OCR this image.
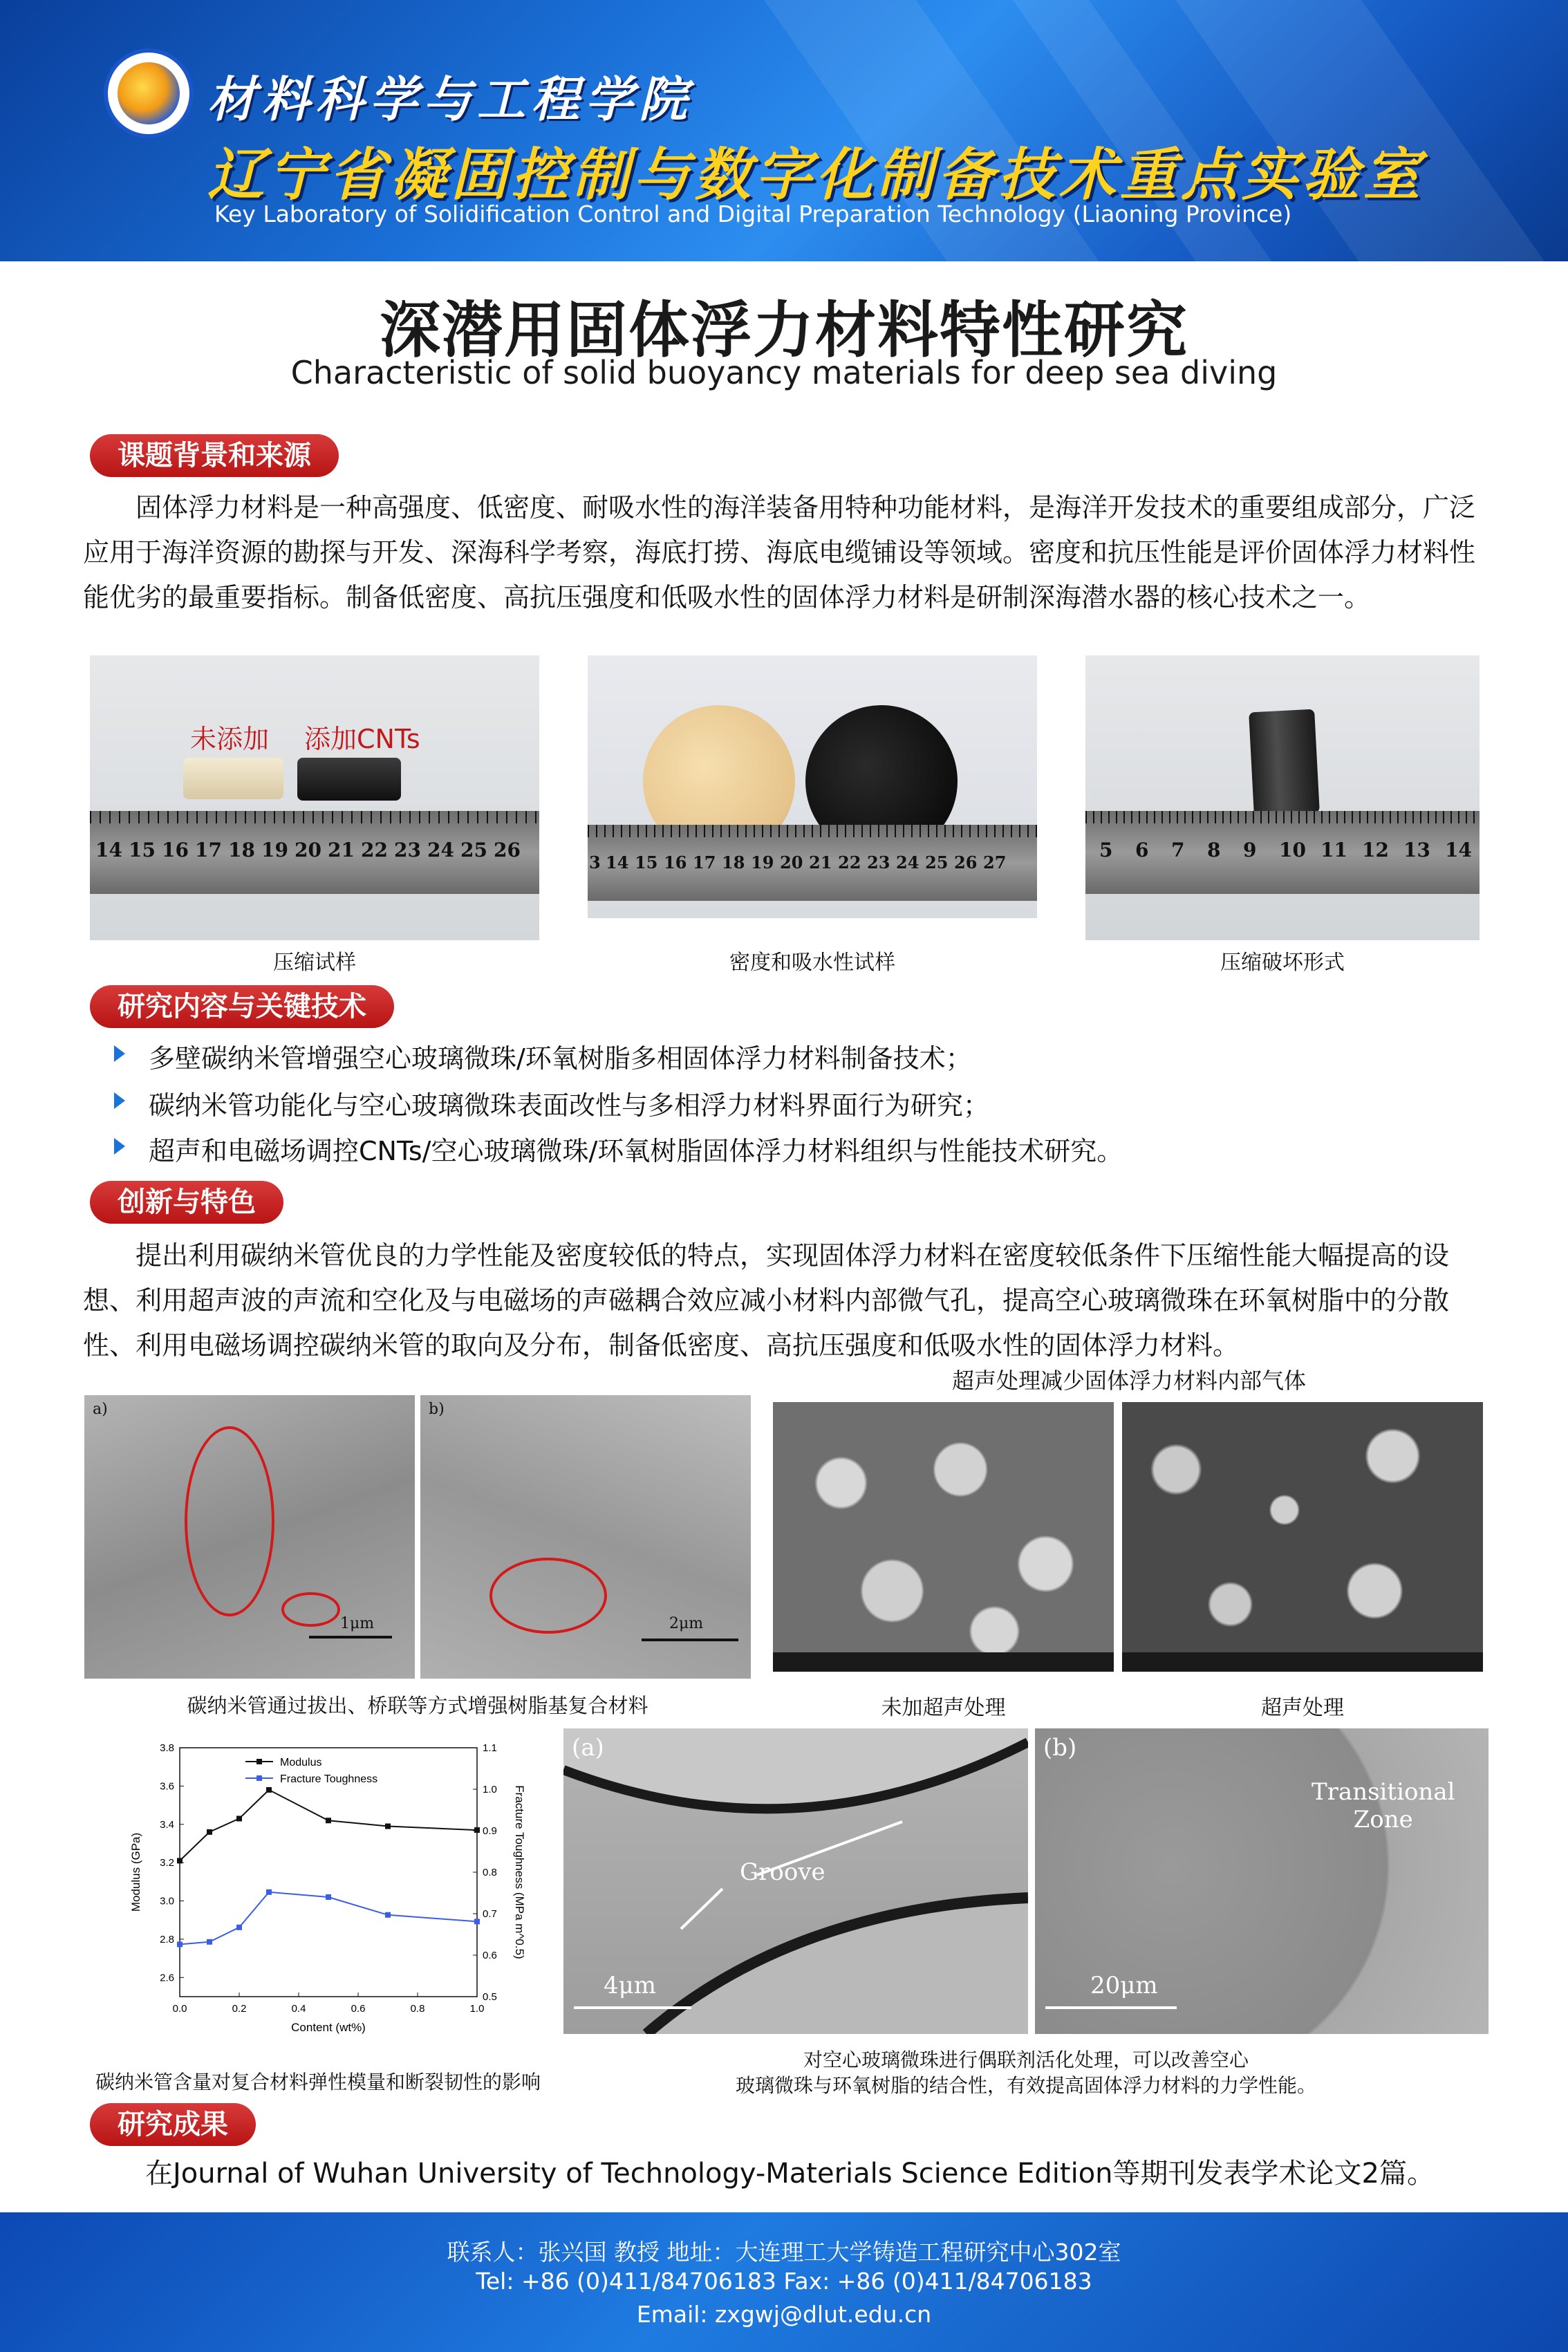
材料科学与工程学院
辽宁省凝固控制与数字化制备技术重点实验室
Key Laboratory of Solidification Control and Digital Preparation Technology (Liaoning Province)
深潜用固体浮力材料特性研究
Characteristic of solid buoyancy materials for deep sea diving
课题背景和来源
固体浮力材料是一种高强度、低密度、耐吸水性的海洋装备用特种功能材料，是海洋开发技术的重要组成部分，广泛应用于海洋资源的勘探与开发、深海科学考察，海底打捞、海底电缆铺设等领域。密度和抗压性能是评价固体浮力材料性能优劣的最重要指标。制备低密度、高抗压强度和低吸水性的固体浮力材料是研制深海潜水器的核心技术之一。
未添加 添加CNTs
14 15 16 17 18 19 20 21 22 23 24 25 26
压缩试样
3 14 15 16 17 18 19 20 21 22 23 24 25 26 27
密度和吸水性试样
5 6 7 8 9 10 11 12 13 14
压缩破坏形式
研究内容与关键技术
多壁碳纳米管增强空心玻璃微珠/环氧树脂多相固体浮力材料制备技术；
碳纳米管功能化与空心玻璃微珠表面改性与多相浮力材料界面行为研究；
超声和电磁场调控CNTs/空心玻璃微珠/环氧树脂固体浮力材料组织与性能技术研究。
创新与特色
提出利用碳纳米管优良的力学性能及密度较低的特点，实现固体浮力材料在密度较低条件下压缩性能大幅提高的设想、利用超声波的声流和空化及与电磁场的声磁耦合效应减小材料内部微气孔，提高空心玻璃微珠在环氧树脂中的分散性、利用电磁场调控碳纳米管的取向及分布，制备低密度、高抗压强度和低吸水性的固体浮力材料。
a)
1μm
b)
2μm
碳纳米管通过拔出、桥联等方式增强树脂基复合材料
超声处理减少固体浮力材料内部气体
未加超声处理	超声处理
0.0	0.2	0.4	0.6	0.8	1.0
2.6
2.8
3.0
3.2
3.4
3.6
3.8
0.5
0.6
0.7
0.8
0.9
1.0
1.1
Content (wt%)
Modulus (GPa)	Fracture Toughness (MPa m^0.5)
Modulus
Fracture Toughness
碳纳米管含量对复合材料弹性模量和断裂韧性的影响
(a)
Groove
4μm
(b)
Transitional
Zone
20μm
对空心玻璃微珠进行偶联剂活化处理，可以改善空心
玻璃微珠与环氧树脂的结合性，有效提高固体浮力材料的力学性能。
研究成果
在Journal of Wuhan University of Technology-Materials Science Edition等期刊发表学术论文2篇。
联系人：张兴国 教授 地址：大连理工大学铸造工程研究中心302室
Tel: +86 (0)411/84706183 Fax: +86 (0)411/84706183
Email: zxgwj@dlut.edu.cn
